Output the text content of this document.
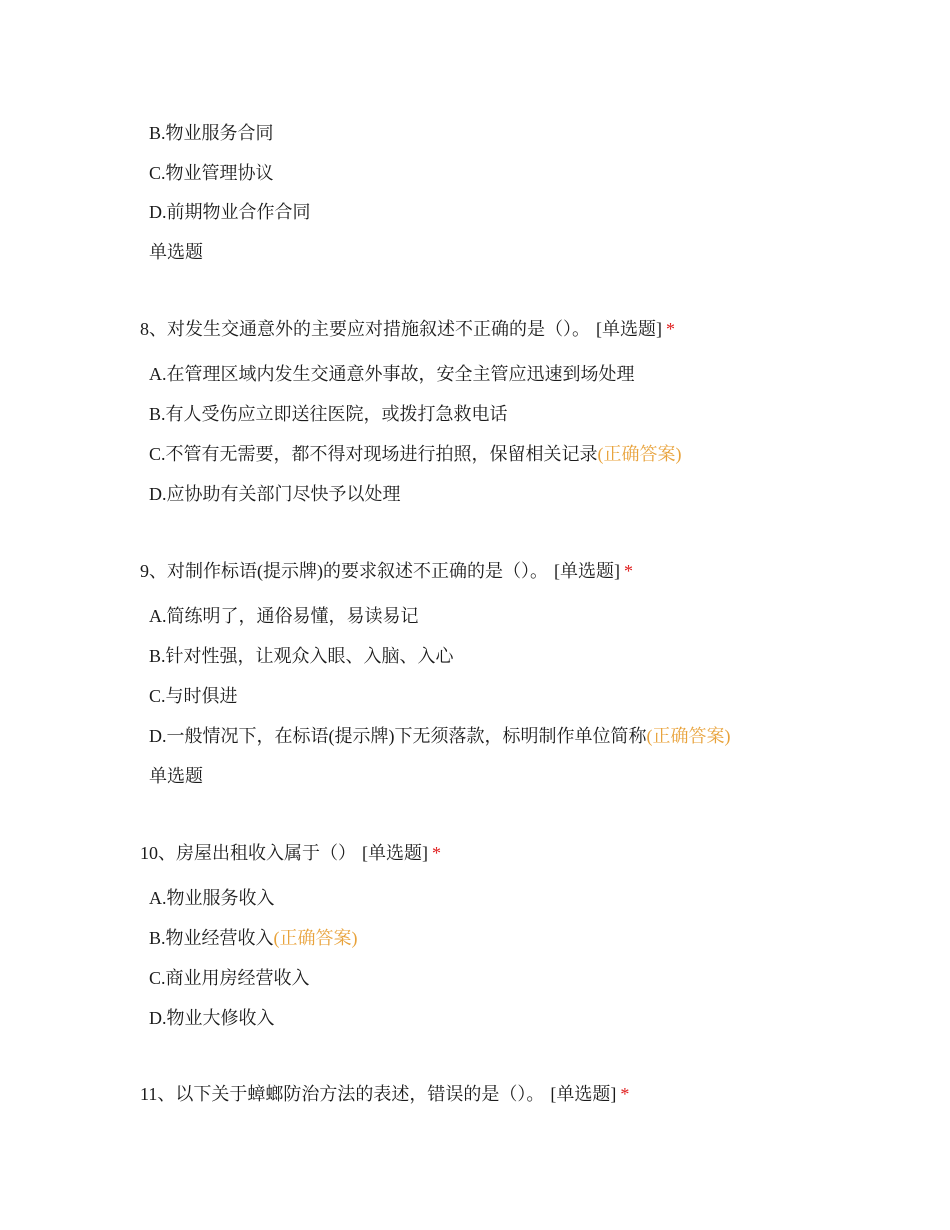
B.物业服务合同
C.物业管理协议
D.前期物业合作合同
单选题
8、对发生交通意外的主要应对措施叙述不正确的是（）。 [单选题] *
A.在管理区域内发生交通意外事故，安全主管应迅速到场处理
B.有人受伤应立即送往医院，或拨打急救电话
C.不管有无需要，都不得对现场进行拍照，保留相关记录(正确答案)
D.应协助有关部门尽快予以处理
9、对制作标语(提示牌)的要求叙述不正确的是（）。 [单选题] *
A.简练明了，通俗易懂，易读易记
B.针对性强，让观众入眼、入脑、入心
C.与时俱进
D.一般情况下，在标语(提示牌)下无须落款，标明制作单位简称(正确答案)
单选题
10、房屋出租收入属于（） [单选题] *
A.物业服务收入
B.物业经营收入(正确答案)
C.商业用房经营收入
D.物业大修收入
11、以下关于蟑螂防治方法的表述，错误的是（）。 [单选题] *
